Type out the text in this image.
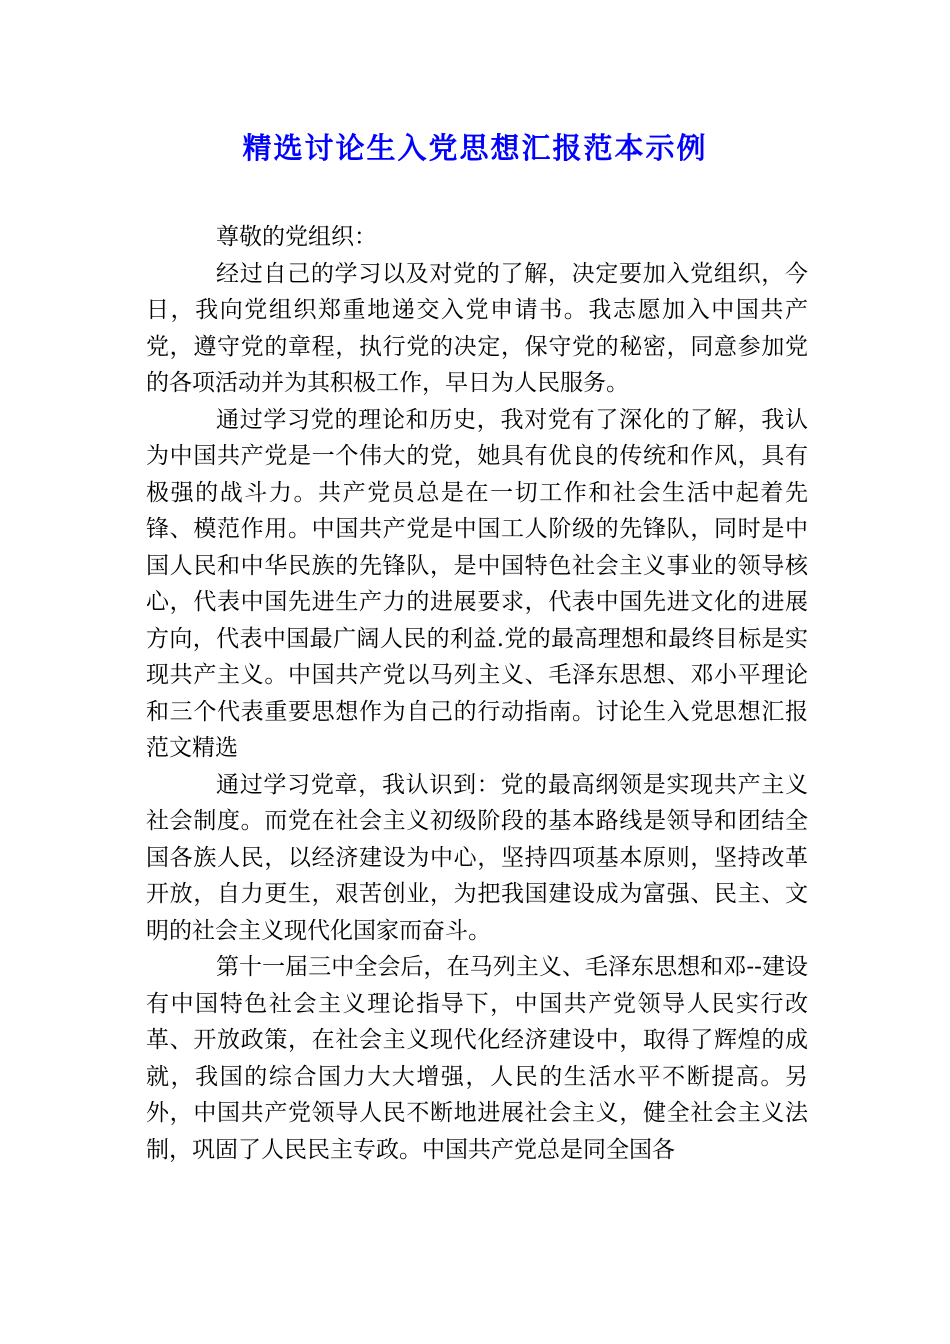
精选讨论生入党思想汇报范本示例

尊敬的党组织：

经过自己的学习以及对党的了解，决定要加入党组织，今日，我向党组织郑重地递交入党申请书。我志愿加入中国共产党，遵守党的章程，执行党的决定，保守党的秘密，同意参加党的各项活动并为其积极工作，早日为人民服务。

通过学习党的理论和历史，我对党有了深化的了解，我认为中国共产党是一个伟大的党，她具有优良的传统和作风，具有极强的战斗力。共产党员总是在一切工作和社会生活中起着先锋、模范作用。中国共产党是中国工人阶级的先锋队，同时是中国人民和中华民族的先锋队，是中国特色社会主义事业的领导核心，代表中国先进生产力的进展要求，代表中国先进文化的进展方向，代表中国最广阔人民的利益.党的最高理想和最终目标是实现共产主义。中国共产党以马列主义、毛泽东思想、邓小平理论和三个代表重要思想作为自己的行动指南。讨论生入党思想汇报范文精选

通过学习党章，我认识到：党的最高纲领是实现共产主义社会制度。而党在社会主义初级阶段的基本路线是领导和团结全国各族人民，以经济建设为中心，坚持四项基本原则，坚持改革开放，自力更生，艰苦创业，为把我国建设成为富强、民主、文明的社会主义现代化国家而奋斗。

第十一届三中全会后，在马列主义、毛泽东思想和邓--建设有中国特色社会主义理论指导下，中国共产党领导人民实行改革、开放政策，在社会主义现代化经济建设中，取得了辉煌的成就，我国的综合国力大大增强，人民的生活水平不断提高。另外，中国共产党领导人民不断地进展社会主义，健全社会主义法制，巩固了人民民主专政。中国共产党总是同全国各
